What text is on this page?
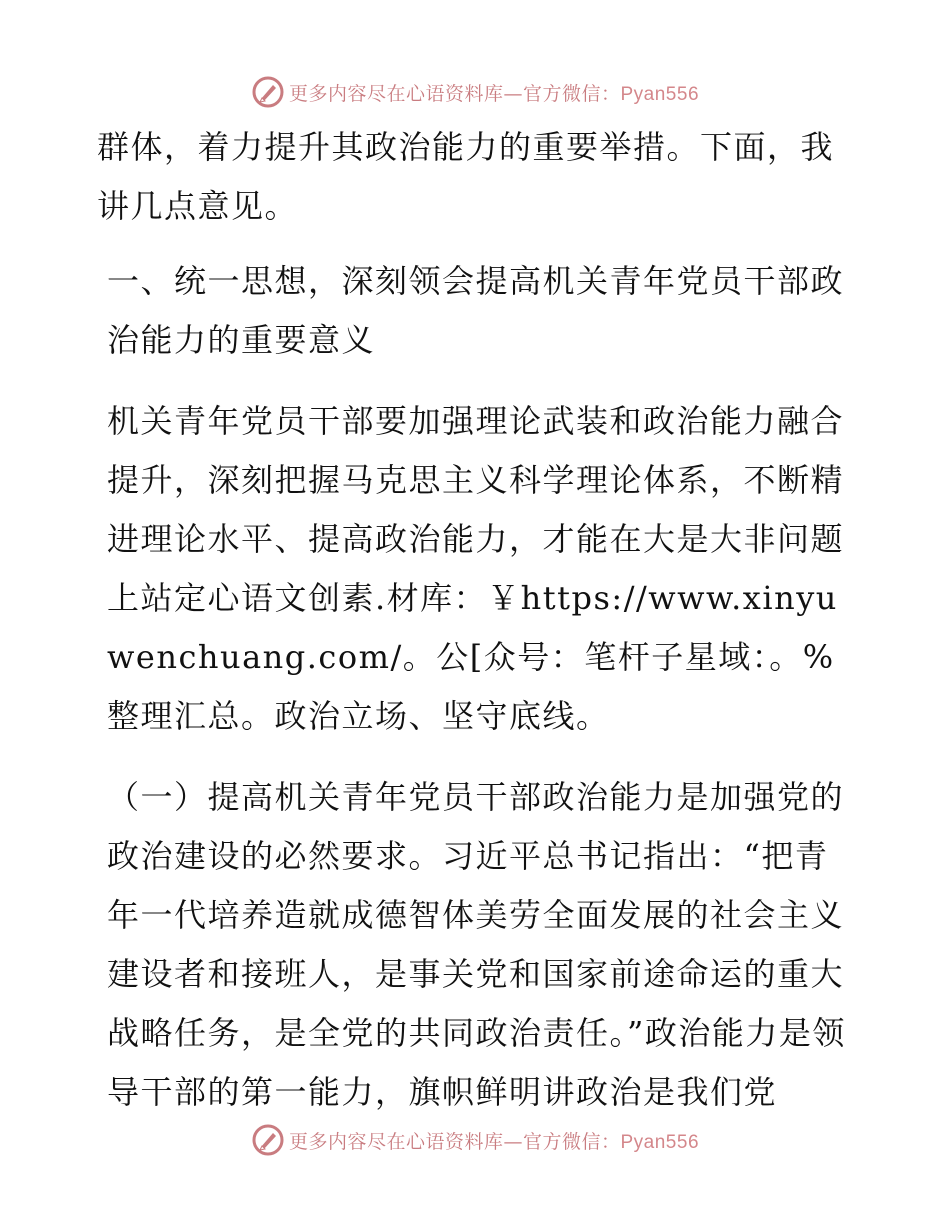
更多内容尽在心语资料库—官方微信：Pyan556

群体，着力提升其政治能力的重要举措。下面，我讲几点意见。

一、统一思想，深刻领会提高机关青年党员干部政治能力的重要意义

机关青年党员干部要加强理论武装和政治能力融合提升，深刻把握马克思主义科学理论体系，不断精进理论水平、提高政治能力，才能在大是大非问题上站定心语文创素.材库：￥https://www.xinyuwenchuang.com/。公[众号：笔杆子星域：。%整理汇总。政治立场、坚守底线。

（一）提高机关青年党员干部政治能力是加强党的政治建设的必然要求。习近平总书记指出：“把青年一代培养造就成德智体美劳全面发展的社会主义建设者和接班人，是事关党和国家前途命运的重大战略任务，是全党的共同政治责任。”政治能力是领导干部的第一能力，旗帜鲜明讲政治是我们党

更多内容尽在心语资料库—官方微信：Pyan556
